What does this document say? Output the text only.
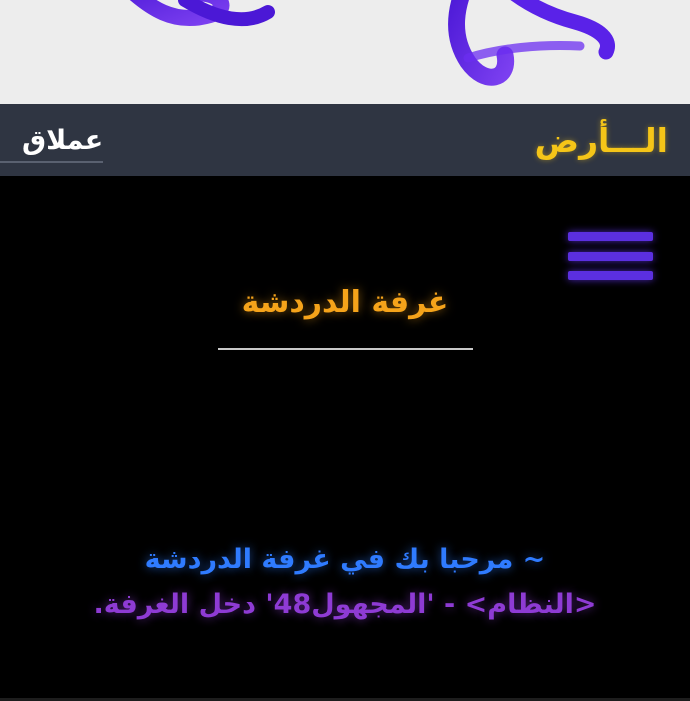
الـــأرض
عملاق
غرفة الدردشة

~ مرحبا بك في غرفة الدردشة

<النظام> - 'المجهول48' دخل الغرفة.
